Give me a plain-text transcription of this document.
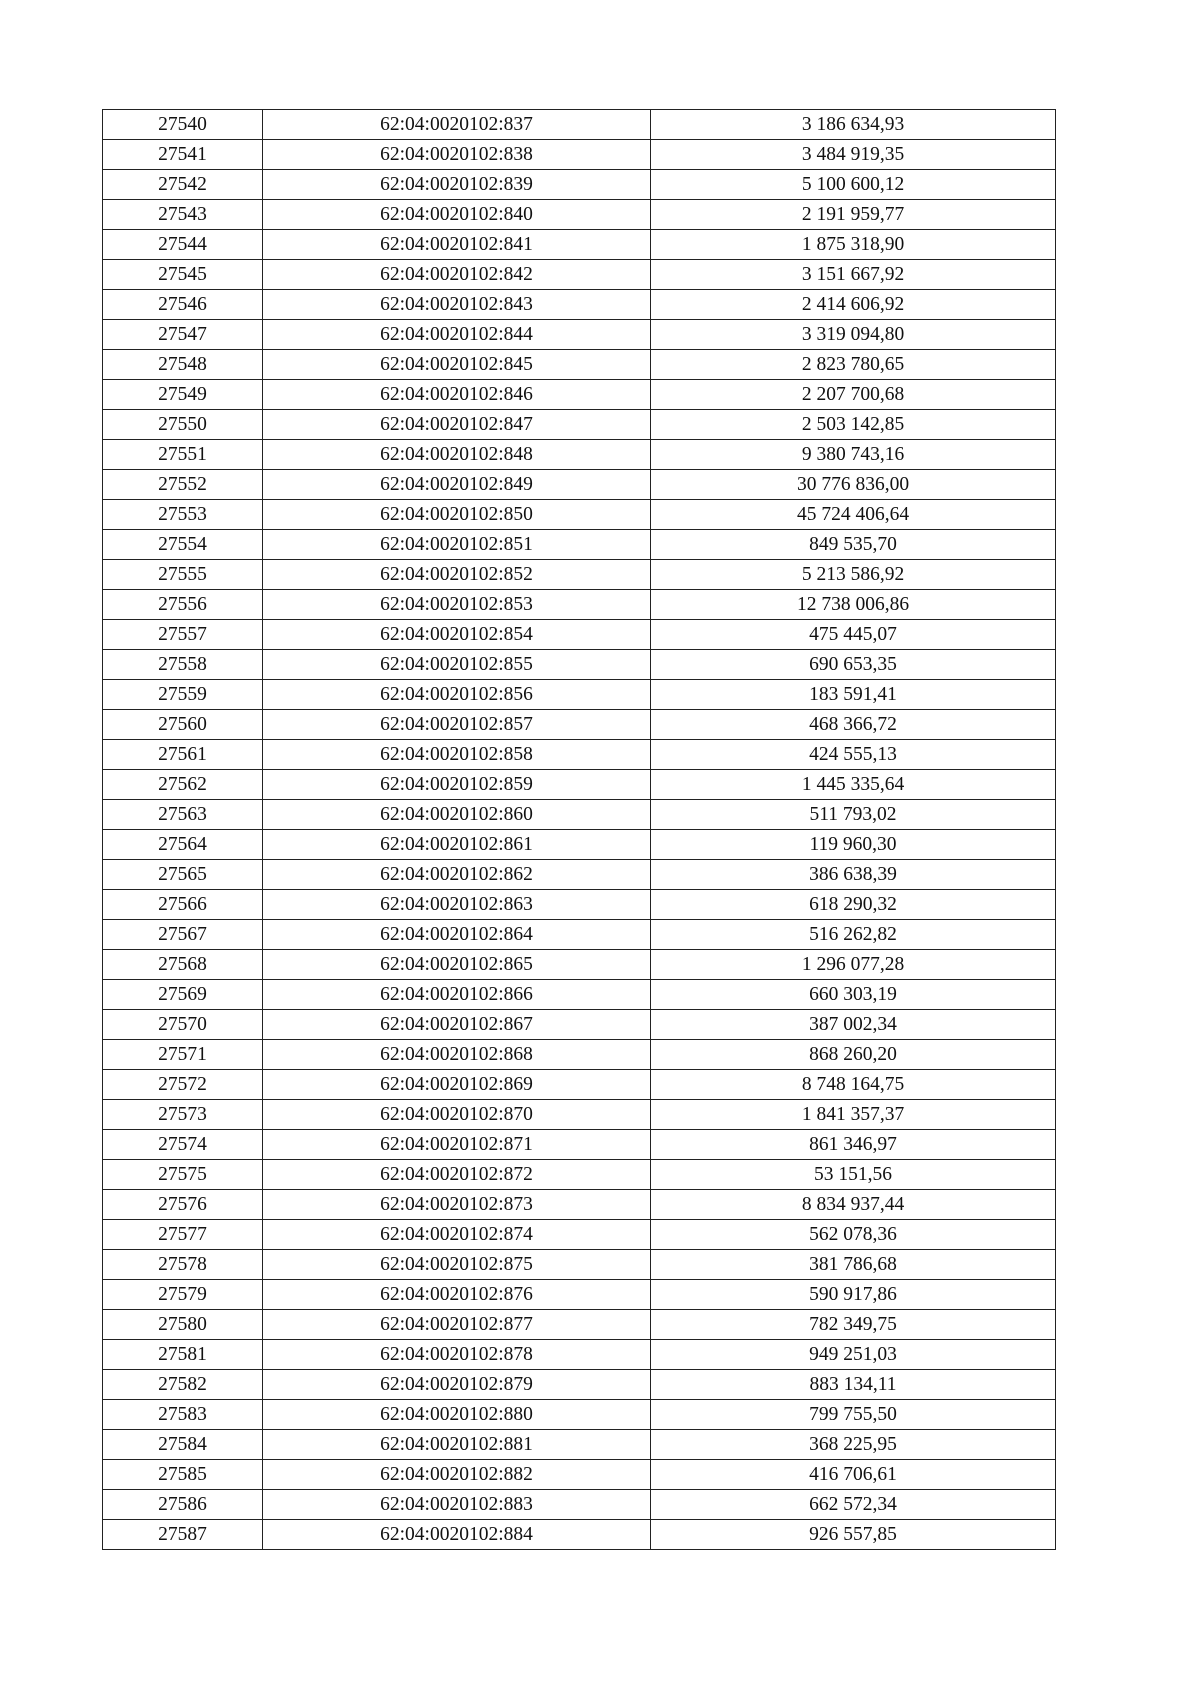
27540	62:04:0020102:837	3 186 634,93
27541	62:04:0020102:838	3 484 919,35
27542	62:04:0020102:839	5 100 600,12
27543	62:04:0020102:840	2 191 959,77
27544	62:04:0020102:841	1 875 318,90
27545	62:04:0020102:842	3 151 667,92
27546	62:04:0020102:843	2 414 606,92
27547	62:04:0020102:844	3 319 094,80
27548	62:04:0020102:845	2 823 780,65
27549	62:04:0020102:846	2 207 700,68
27550	62:04:0020102:847	2 503 142,85
27551	62:04:0020102:848	9 380 743,16
27552	62:04:0020102:849	30 776 836,00
27553	62:04:0020102:850	45 724 406,64
27554	62:04:0020102:851	849 535,70
27555	62:04:0020102:852	5 213 586,92
27556	62:04:0020102:853	12 738 006,86
27557	62:04:0020102:854	475 445,07
27558	62:04:0020102:855	690 653,35
27559	62:04:0020102:856	183 591,41
27560	62:04:0020102:857	468 366,72
27561	62:04:0020102:858	424 555,13
27562	62:04:0020102:859	1 445 335,64
27563	62:04:0020102:860	511 793,02
27564	62:04:0020102:861	119 960,30
27565	62:04:0020102:862	386 638,39
27566	62:04:0020102:863	618 290,32
27567	62:04:0020102:864	516 262,82
27568	62:04:0020102:865	1 296 077,28
27569	62:04:0020102:866	660 303,19
27570	62:04:0020102:867	387 002,34
27571	62:04:0020102:868	868 260,20
27572	62:04:0020102:869	8 748 164,75
27573	62:04:0020102:870	1 841 357,37
27574	62:04:0020102:871	861 346,97
27575	62:04:0020102:872	53 151,56
27576	62:04:0020102:873	8 834 937,44
27577	62:04:0020102:874	562 078,36
27578	62:04:0020102:875	381 786,68
27579	62:04:0020102:876	590 917,86
27580	62:04:0020102:877	782 349,75
27581	62:04:0020102:878	949 251,03
27582	62:04:0020102:879	883 134,11
27583	62:04:0020102:880	799 755,50
27584	62:04:0020102:881	368 225,95
27585	62:04:0020102:882	416 706,61
27586	62:04:0020102:883	662 572,34
27587	62:04:0020102:884	926 557,85
